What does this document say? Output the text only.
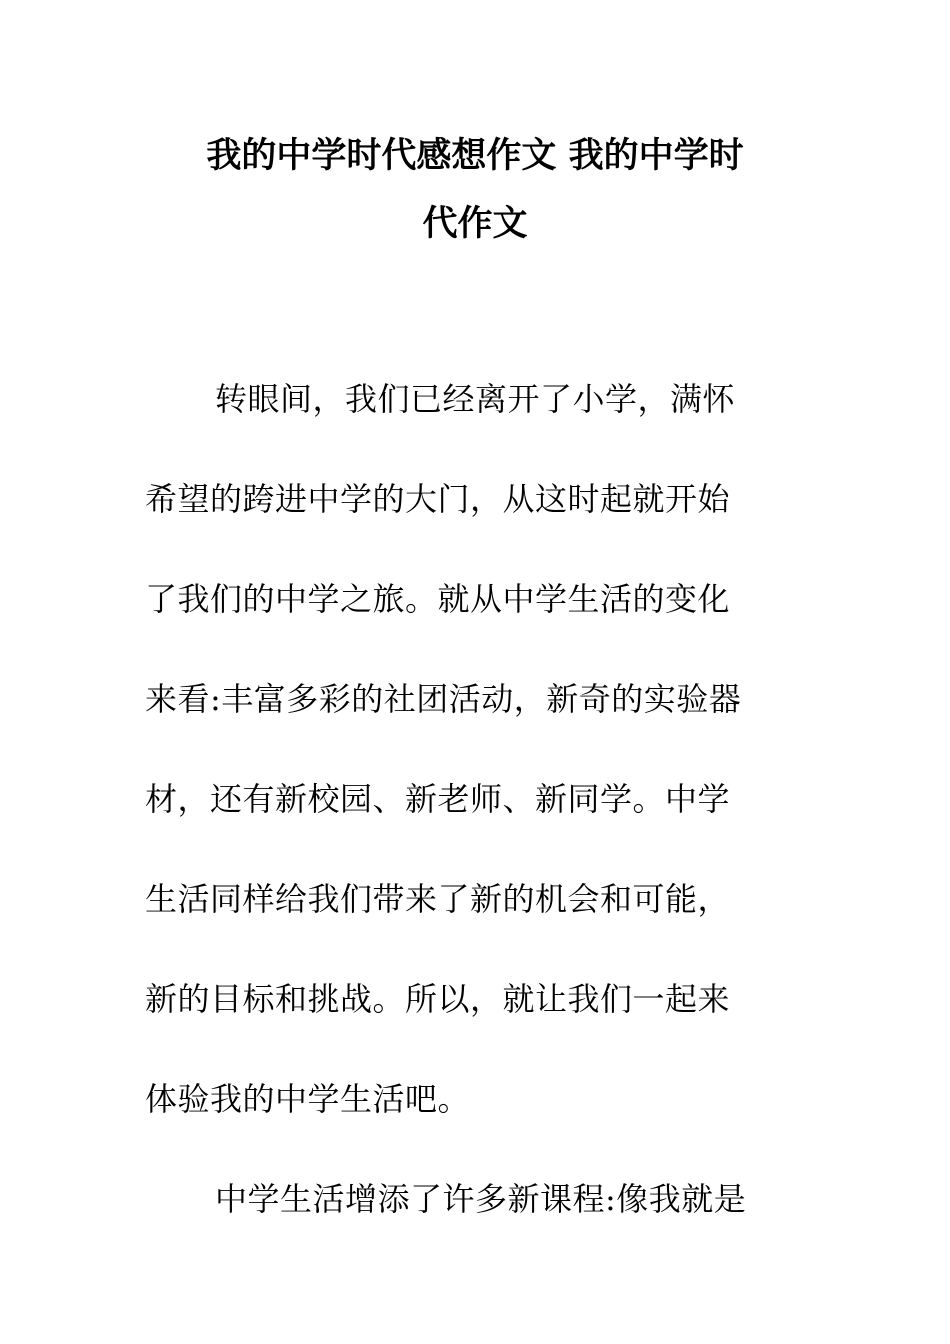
我的中学时代感想作文 我的中学时
代作文
转眼间，我们已经离开了小学，满怀
希望的跨进中学的大门，从这时起就开始
了我们的中学之旅。就从中学生活的变化
来看:丰富多彩的社团活动，新奇的实验器
材，还有新校园、新老师、新同学。中学
生活同样给我们带来了新的机会和可能，
新的目标和挑战。所以，就让我们一起来
体验我的中学生活吧。
中学生活增添了许多新课程:像我就是
